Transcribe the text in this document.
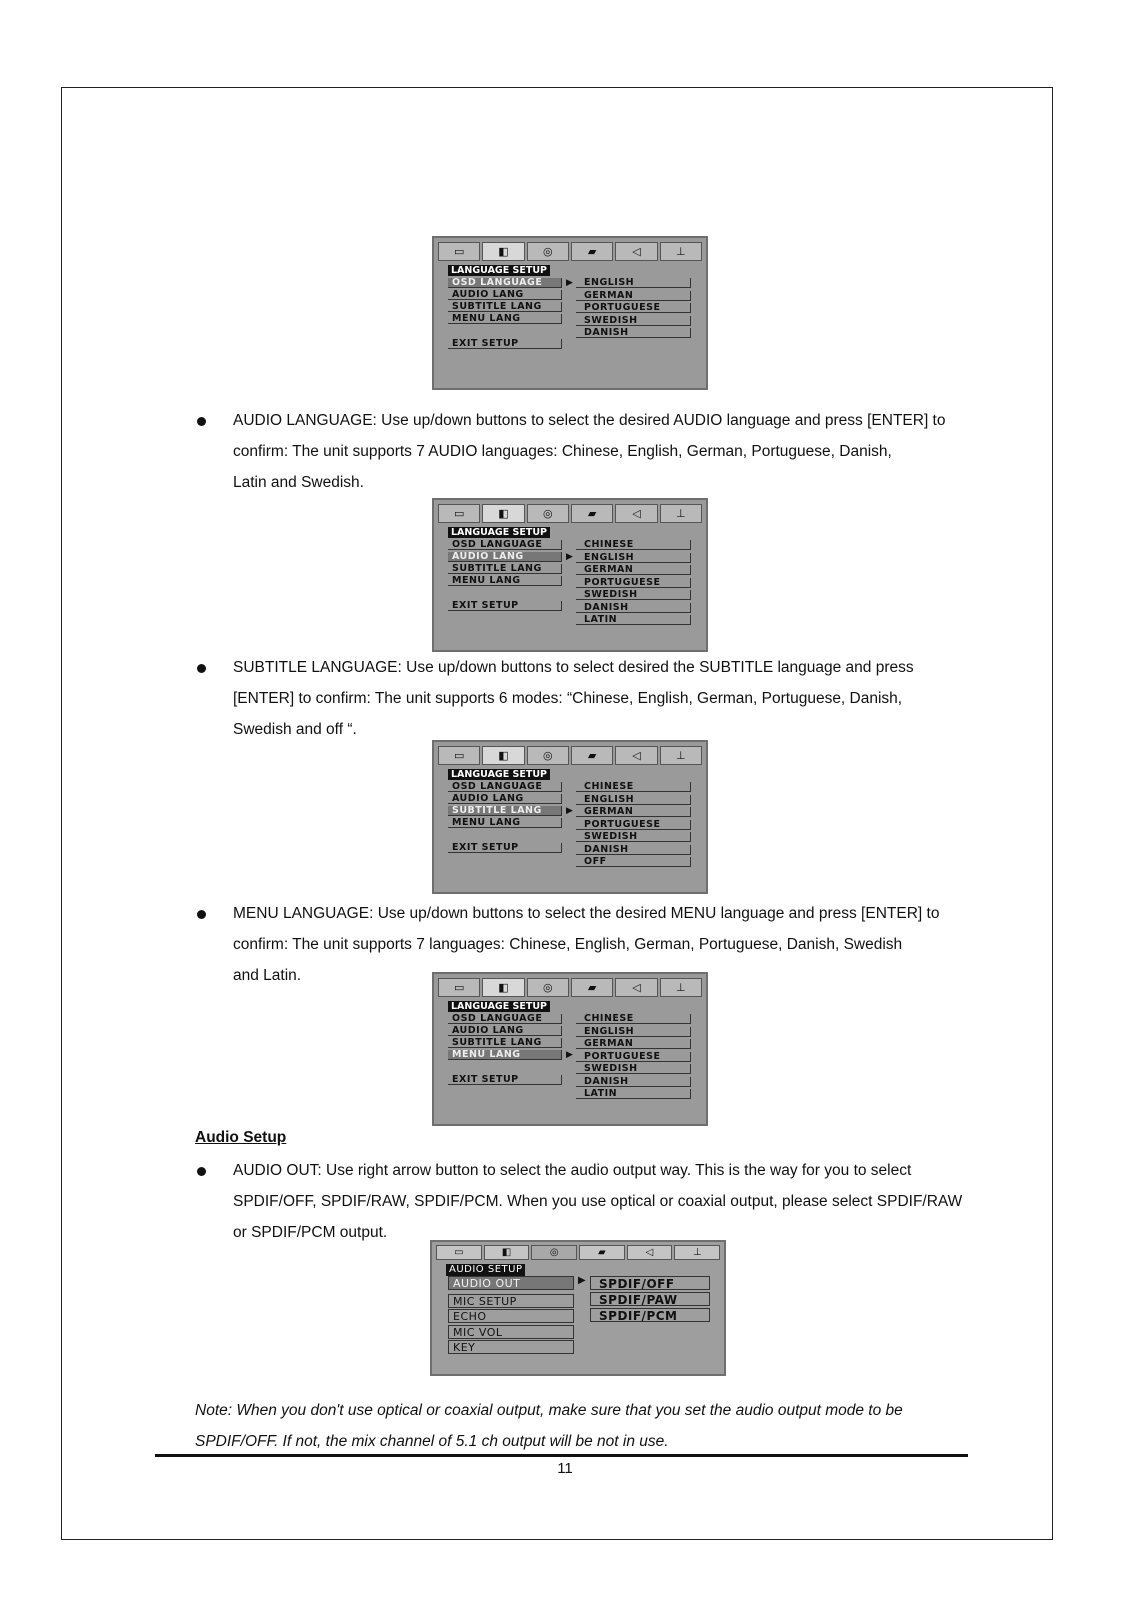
▭	◧	◎	▰	◁	⊥
LANGUAGE SETUP
OSD LANGUAGE
AUDIO LANG
SUBTITLE LANG
MENU LANG
EXIT SETUP
▶	ENGLISH
GERMAN
PORTUGUESE
SWEDISH
DANISH
AUDIO LANGUAGE: Use up/down buttons to select the desired AUDIO language and press [ENTER] to
confirm: The unit supports 7 AUDIO languages: Chinese, English, German, Portuguese, Danish,
Latin and Swedish.
▭	◧	◎	▰	◁	⊥
LANGUAGE SETUP
OSD LANGUAGE
AUDIO LANG
SUBTITLE LANG
MENU LANG
EXIT SETUP
▶
CHINESE
ENGLISH
GERMAN
PORTUGUESE
SWEDISH
DANISH
LATIN
SUBTITLE LANGUAGE: Use up/down buttons to select desired the SUBTITLE language and press
[ENTER] to confirm: The unit supports 6 modes: “Chinese, English, German, Portuguese, Danish,
Swedish and off “.
▭	◧	◎	▰	◁	⊥
LANGUAGE SETUP
OSD LANGUAGE
AUDIO LANG
SUBTITLE LANG
MENU LANG
EXIT SETUP
▶
CHINESE
ENGLISH
GERMAN
PORTUGUESE
SWEDISH
DANISH
OFF
MENU LANGUAGE: Use up/down buttons to select the desired MENU language and press [ENTER] to
confirm: The unit supports 7 languages: Chinese, English, German, Portuguese, Danish, Swedish
and Latin.
▭	◧	◎	▰	◁	⊥
LANGUAGE SETUP
OSD LANGUAGE
AUDIO LANG
SUBTITLE LANG
MENU LANG
EXIT SETUP
▶
CHINESE
ENGLISH
GERMAN
PORTUGUESE
SWEDISH
DANISH
LATIN
Audio Setup
AUDIO OUT: Use right arrow button to select the audio output way. This is the way for you to select
SPDIF/OFF, SPDIF/RAW, SPDIF/PCM. When you use optical or coaxial output, please select SPDIF/RAW
or SPDIF/PCM output.
▭	◧	◎	▰	◁	⊥
AUDIO SETUP
AUDIO OUT
MIC SETUP
ECHO
MIC VOL
KEY
▶	SPDIF/OFF
SPDIF/PAW
SPDIF/PCM
Note: When you don't use optical or coaxial output, make sure that you set the audio output mode to be
SPDIF/OFF. If not, the mix channel of 5.1 ch output will be not in use.
11
